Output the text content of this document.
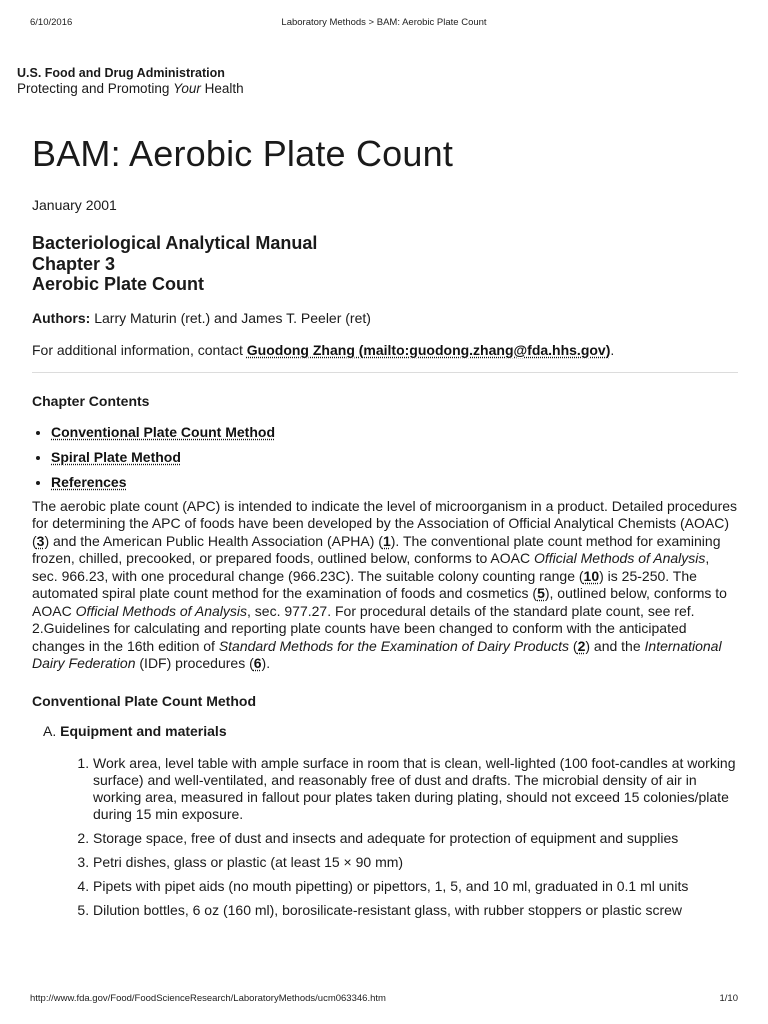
6/10/2016	Laboratory Methods > BAM: Aerobic Plate Count
U.S. Food and Drug Administration
Protecting and Promoting Your Health
BAM: Aerobic Plate Count
January 2001
Bacteriological Analytical Manual
Chapter 3
Aerobic Plate Count
Authors: Larry Maturin (ret.) and James T. Peeler (ret)
For additional information, contact Guodong Zhang (mailto:guodong.zhang@fda.hhs.gov).
Chapter Contents
• Conventional Plate Count Method
• Spiral Plate Method
• References
The aerobic plate count (APC) is intended to indicate the level of microorganism in a product. Detailed procedures for determining the APC of foods have been developed by the Association of Official Analytical Chemists (AOAC) (3) and the American Public Health Association (APHA) (1). The conventional plate count method for examining frozen, chilled, precooked, or prepared foods, outlined below, conforms to AOAC Official Methods of Analysis, sec. 966.23, with one procedural change (966.23C). The suitable colony counting range (10) is 25-250. The automated spiral plate count method for the examination of foods and cosmetics (5), outlined below, conforms to AOAC Official Methods of Analysis, sec. 977.27. For procedural details of the standard plate count, see ref. 2.Guidelines for calculating and reporting plate counts have been changed to conform with the anticipated changes in the 16th edition of Standard Methods for the Examination of Dairy Products (2) and the International Dairy Federation (IDF) procedures (6).
Conventional Plate Count Method
A. Equipment and materials
1. Work area, level table with ample surface in room that is clean, well-lighted (100 foot-candles at working surface) and well-ventilated, and reasonably free of dust and drafts. The microbial density of air in working area, measured in fallout pour plates taken during plating, should not exceed 15 colonies/plate during 15 min exposure.
2. Storage space, free of dust and insects and adequate for protection of equipment and supplies
3. Petri dishes, glass or plastic (at least 15 × 90 mm)
4. Pipets with pipet aids (no mouth pipetting) or pipettors, 1, 5, and 10 ml, graduated in 0.1 ml units
5. Dilution bottles, 6 oz (160 ml), borosilicate-resistant glass, with rubber stoppers or plastic screw
http://www.fda.gov/Food/FoodScienceResearch/LaboratoryMethods/ucm063346.htm	1/10
